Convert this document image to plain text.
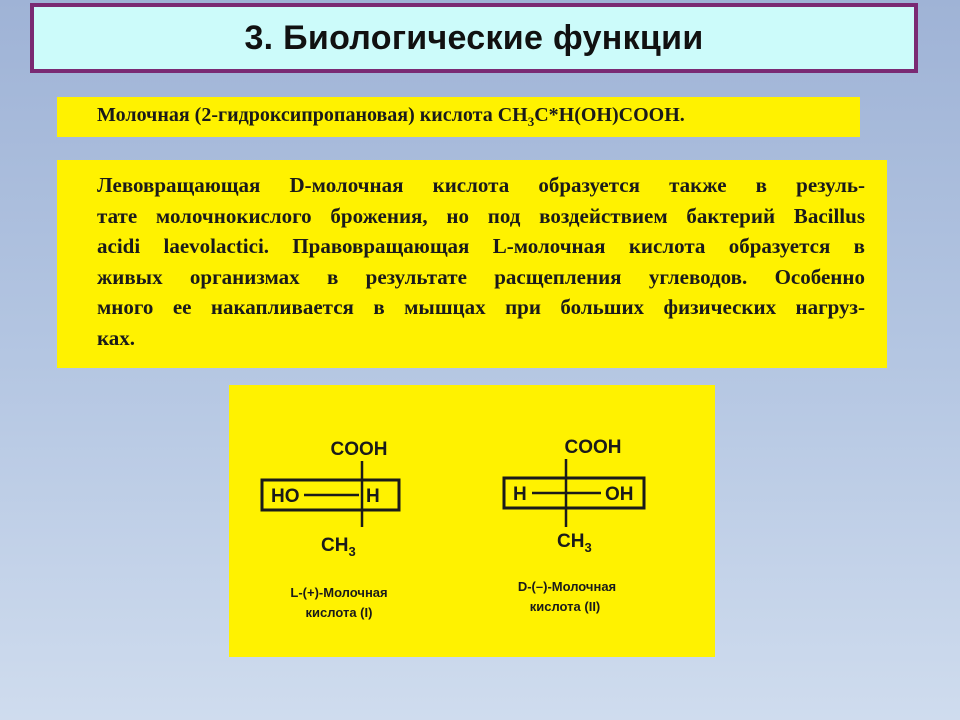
3. Биологические функции
Молочная (2-гидроксипропановая) кислота $CH_3C*H(OH)COOH$.
Левовращающая D-молочная кислота образуется также в резуль-
тате молочнокислого брожения, но под воздействием бактерий Bacillus
acidi laevolactici. Правовращающая L-молочная кислота образуется в
живых организмах в результате расщепления углеводов. Особенно
много ее накапливается в мышцах при больших физических нагруз-
ках.
COOH
HO	H
$CH_3$
L-(+)-Молочная
кислота (I)
COOH
H	OH
$CH_3$
D-(–)-Молочная
кислота (II)
